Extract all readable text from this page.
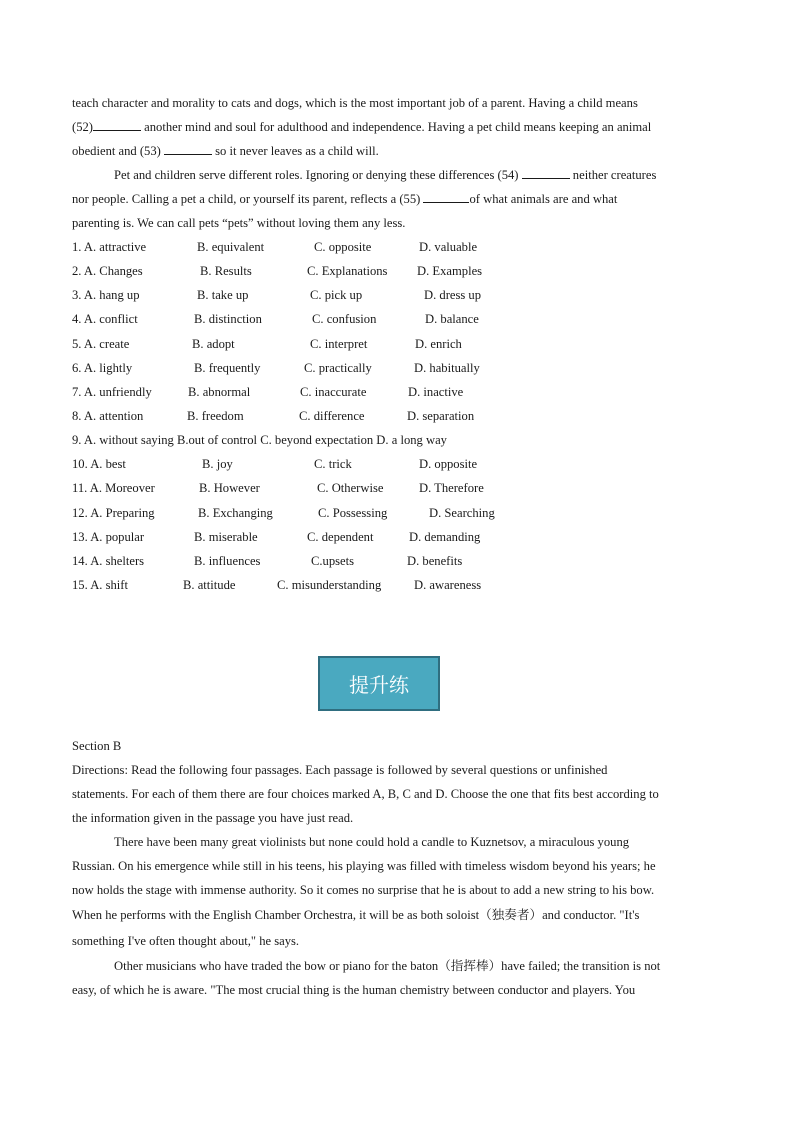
teach character and morality to cats and dogs, which is the most important job of a parent. Having a child means
(52)	another mind and soul for adulthood and independence. Having a pet child means keeping an animal
obedient and (53)	so it never leaves as a child will.
Pet and children serve different roles. Ignoring or denying these differences (54)	neither creatures
nor people. Calling a pet a child, or yourself its parent, reflects a (55)	of what animals are and what
parenting is. We can call pets “pets” without loving them any less.
1. A. attractive	B. equivalent	C. opposite	D. valuable
2. A. Changes	B. Results	C. Explanations D. Examples
3. A. hang up	B. take up	C. pick up	D. dress up
4. A. conflict	B. distinction	C. confusion	D. balance
5. A. create	B. adopt	C. interpret	D. enrich
6. A. lightly	B. frequently	C. practically	D. habitually
7. A. unfriendly	B. abnormal	C. inaccurate	D. inactive
8. A. attention	B. freedom	C. difference	D. separation
9. A. without saying B.out of control C. beyond expectation D. a long way
10. A. best	B. joy	C. trick	D. opposite
11. A. Moreover	B. However	C. Otherwise	D. Therefore
12. A. Preparing	B. Exchanging	C. Possessing	D. Searching
13. A. popular	B. miserable	C. dependent	D. demanding
14. A. shelters	B. influences	C.upsets	D. benefits
15. A. shift	B. attitude	C. misunderstanding	D. awareness
提升练
Section B
Directions: Read the following four passages. Each passage is followed by several questions or unfinished
statements. For each of them there are four choices marked A, B, C and D. Choose the one that fits best according to
the information given in the passage you have just read.
There have been many great violinists but none could hold a candle to Kuznetsov, a miraculous young
Russian. On his emergence while still in his teens, his playing was filled with timeless wisdom beyond his years; he
now holds the stage with immense authority. So it comes no surprise that he is about to add a new string to his bow.
When he performs with the English Chamber Orchestra, it will be as both soloist（独奏者）and conductor. "It's
something I've often thought about," he says.
Other musicians who have traded the bow or piano for the baton（指挥棒）have failed; the transition is not
easy, of which he is aware. "The most crucial thing is the human chemistry between conductor and players. You
